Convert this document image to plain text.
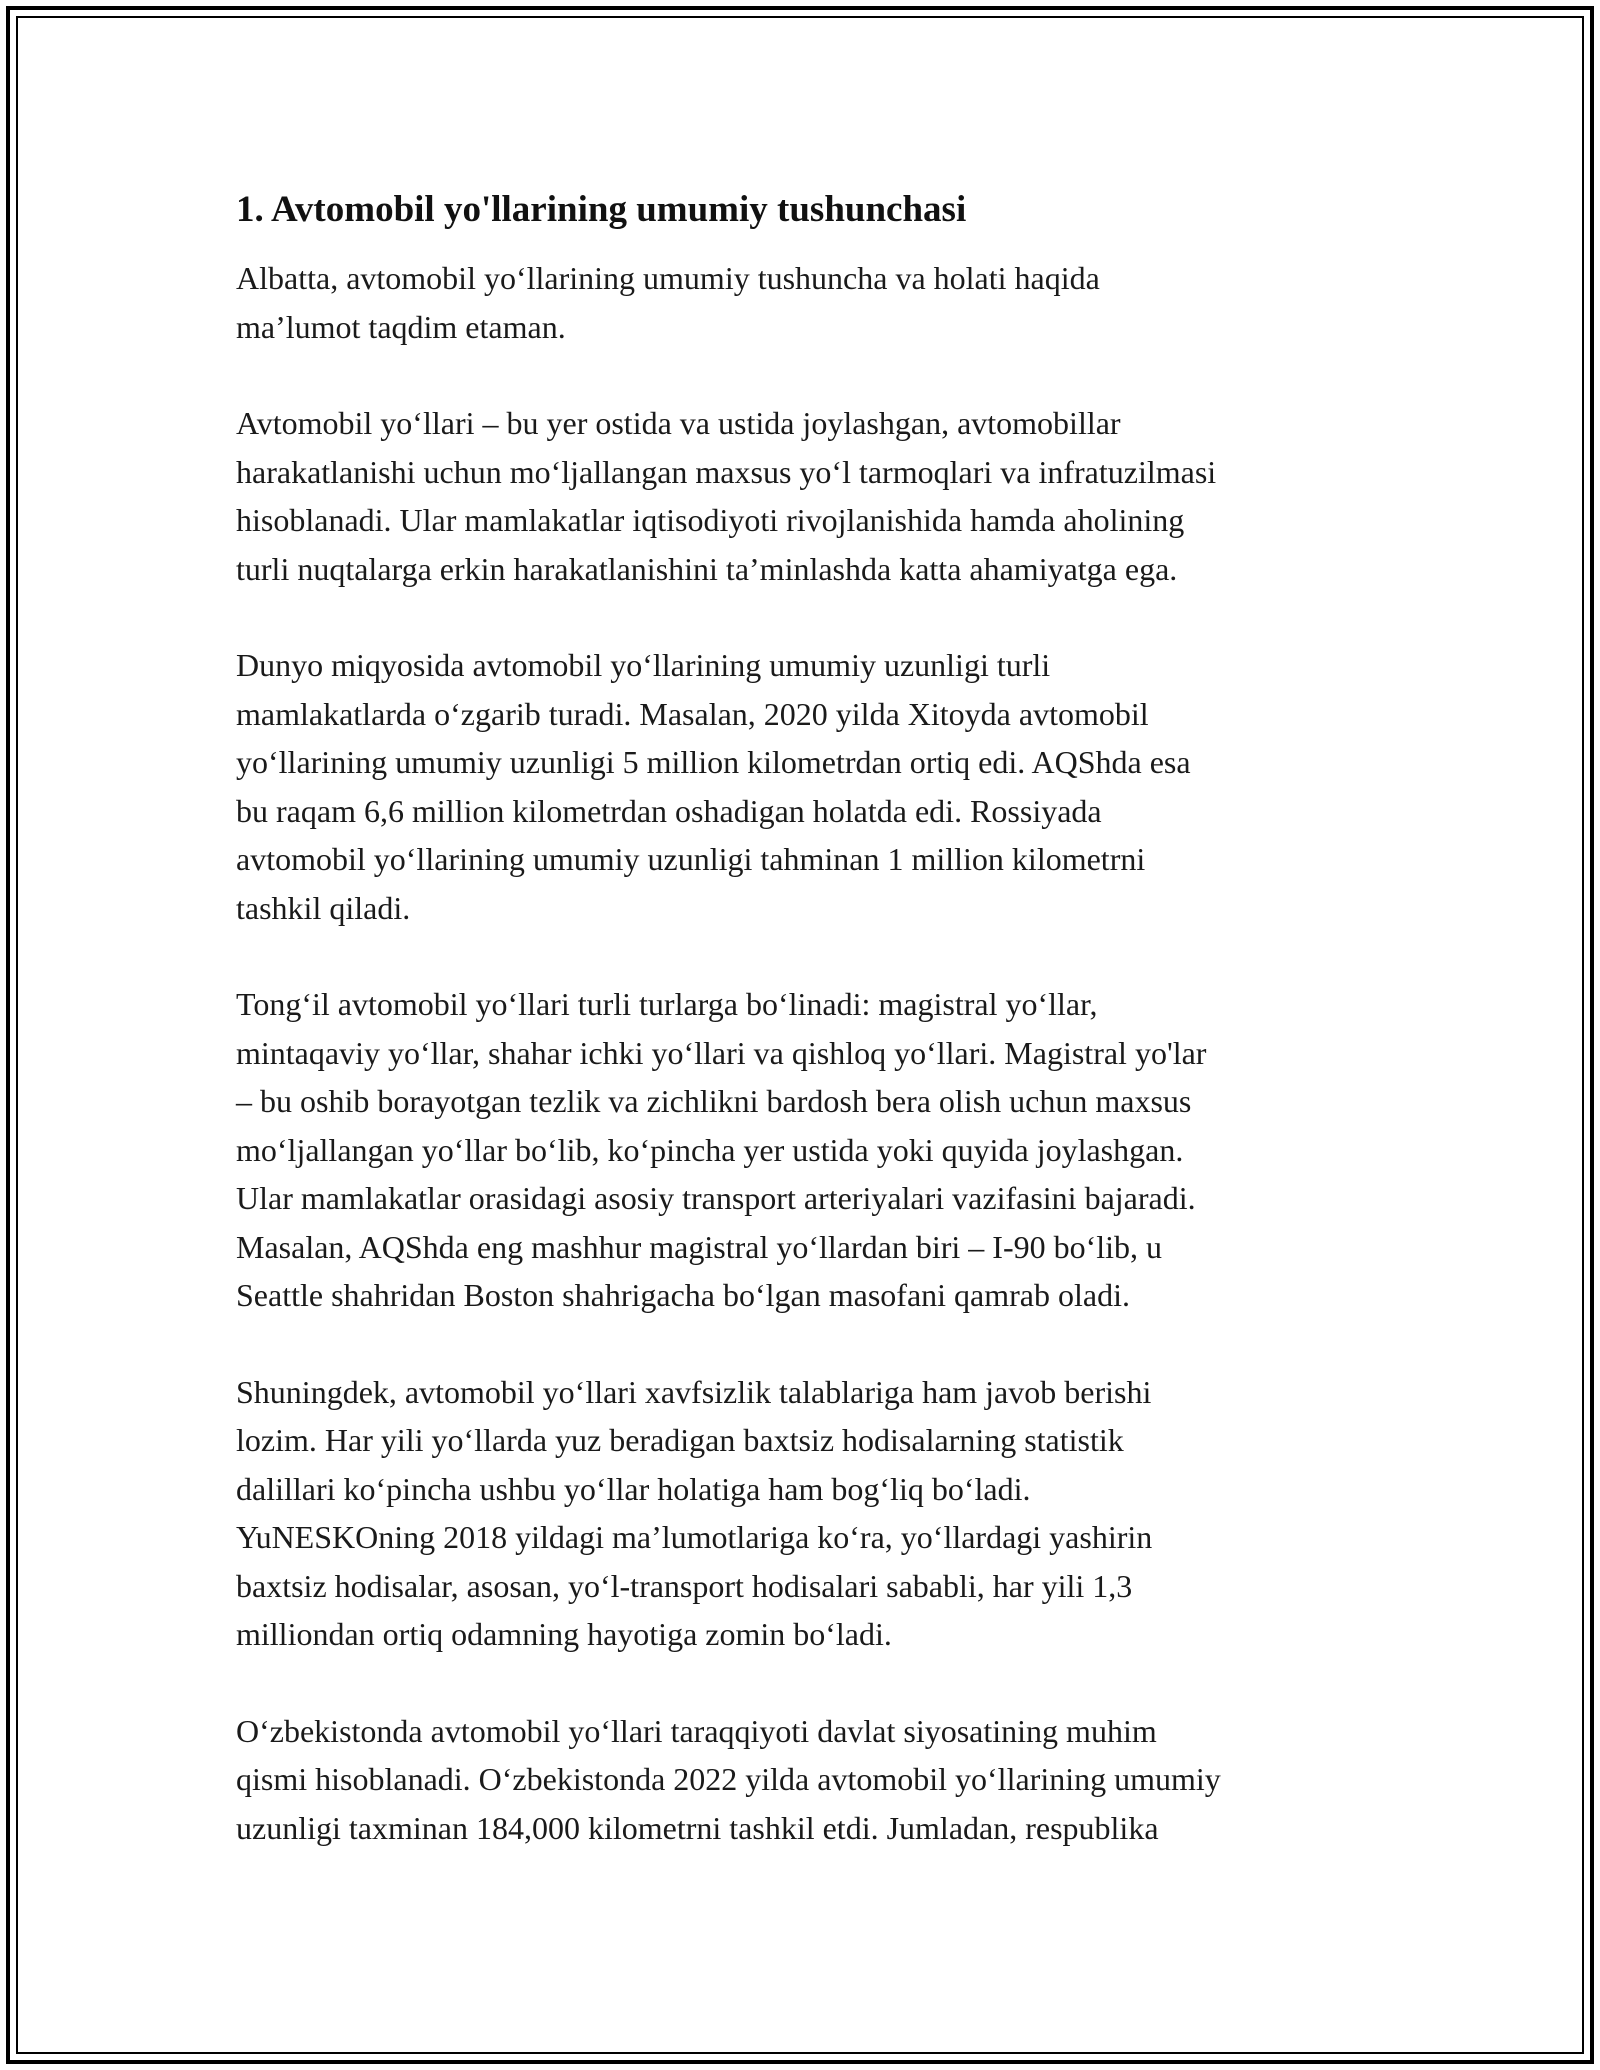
1. Avtomobil yo'llarining umumiy tushunchasi

Albatta, avtomobil yo‘llarining umumiy tushuncha va holati haqida
ma’lumot taqdim etaman.

Avtomobil yo‘llari – bu yer ostida va ustida joylashgan, avtomobillar
harakatlanishi uchun mo‘ljallangan maxsus yo‘l tarmoqlari va infratuzilmasi
hisoblanadi. Ular mamlakatlar iqtisodiyoti rivojlanishida hamda aholining
turli nuqtalarga erkin harakatlanishini ta’minlashda katta ahamiyatga ega.

Dunyo miqyosida avtomobil yo‘llarining umumiy uzunligi turli
mamlakatlarda o‘zgarib turadi. Masalan, 2020 yilda Xitoyda avtomobil
yo‘llarining umumiy uzunligi 5 million kilometrdan ortiq edi. AQShda esa
bu raqam 6,6 million kilometrdan oshadigan holatda edi. Rossiyada
avtomobil yo‘llarining umumiy uzunligi tahminan 1 million kilometrni
tashkil qiladi.

Tong‘il avtomobil yo‘llari turli turlarga bo‘linadi: magistral yo‘llar,
mintaqaviy yo‘llar, shahar ichki yo‘llari va qishloq yo‘llari. Magistral yo'lar
– bu oshib borayotgan tezlik va zichlikni bardosh bera olish uchun maxsus
mo‘ljallangan yo‘llar bo‘lib, ko‘pincha yer ustida yoki quyida joylashgan.
Ular mamlakatlar orasidagi asosiy transport arteriyalari vazifasini bajaradi.
Masalan, AQShda eng mashhur magistral yo‘llardan biri – I-90 bo‘lib, u
Seattle shahridan Boston shahrigacha bo‘lgan masofani qamrab oladi.

Shuningdek, avtomobil yo‘llari xavfsizlik talablariga ham javob berishi
lozim. Har yili yo‘llarda yuz beradigan baxtsiz hodisalarning statistik
dalillari ko‘pincha ushbu yo‘llar holatiga ham bog‘liq bo‘ladi.
YuNESKOning 2018 yildagi ma’lumotlariga ko‘ra, yo‘llardagi yashirin
baxtsiz hodisalar, asosan, yo‘l-transport hodisalari sababli, har yili 1,3
milliondan ortiq odamning hayotiga zomin bo‘ladi.

O‘zbekistonda avtomobil yo‘llari taraqqiyoti davlat siyosatining muhim
qismi hisoblanadi. O‘zbekistonda 2022 yilda avtomobil yo‘llarining umumiy
uzunligi taxminan 184,000 kilometrni tashkil etdi. Jumladan, respublika
